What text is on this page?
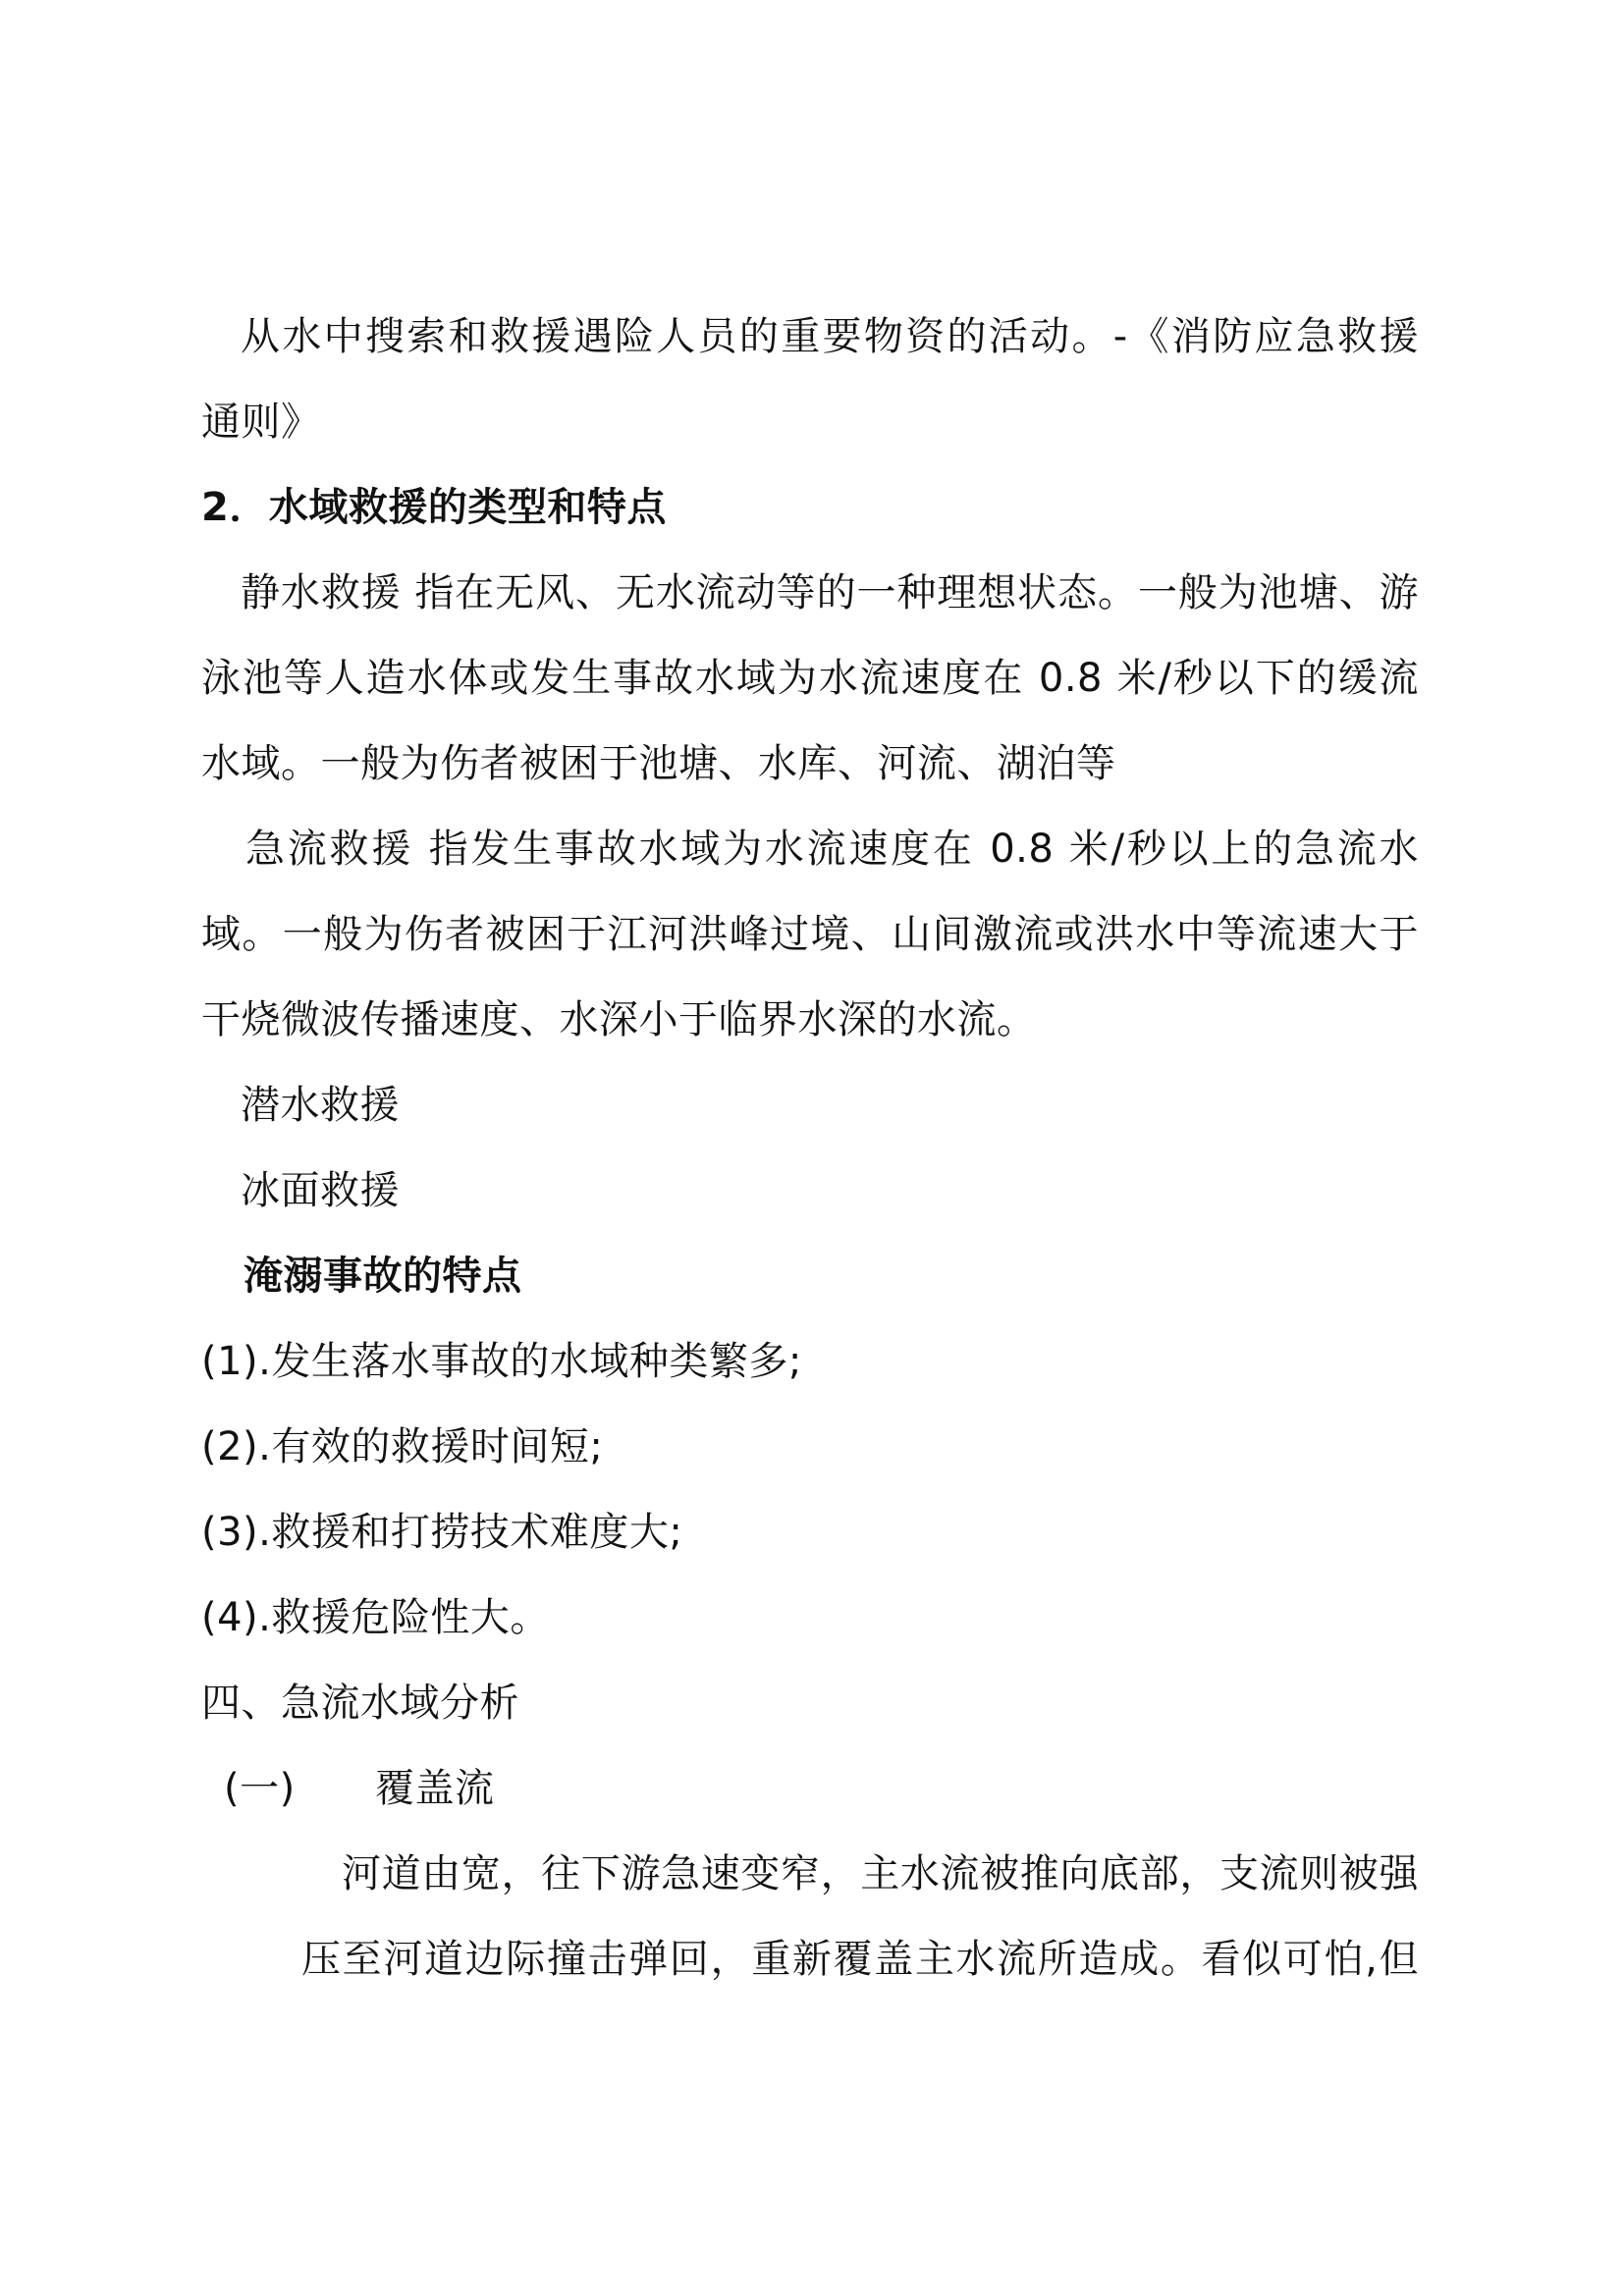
从水中搜索和救援遇险人员的重要物资的活动。-《消防应急救援
通则》
2．水域救援的类型和特点
静水救援 指在无风、无水流动等的一种理想状态。一般为池塘、游
泳池等人造水体或发生事故水域为水流速度在 0.8 米/秒以下的缓流
水域。一般为伤者被困于池塘、水库、河流、湖泊等
急流救援 指发生事故水域为水流速度在 0.8 米/秒以上的急流水
域。一般为伤者被困于江河洪峰过境、山间激流或洪水中等流速大于
干烧微波传播速度、水深小于临界水深的水流。
潜水救援
冰面救援
淹溺事故的特点
(1).发生落水事故的水域种类繁多;
(2).有效的救援时间短;
(3).救援和打捞技术难度大;
(4).救援危险性大。
四、急流水域分析
(一)	覆盖流
河道由宽，往下游急速变窄，主水流被推向底部，支流则被强
压至河道边际撞击弹回，重新覆盖主水流所造成。看似可怕,但
